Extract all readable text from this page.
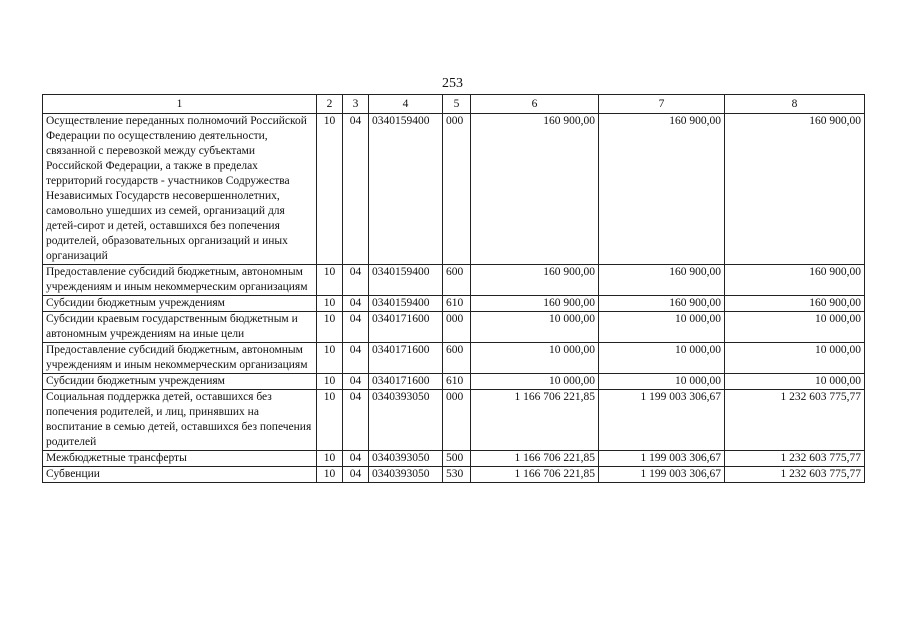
253
1	2	3	4	5	6	7	8
Осуществление переданных полномочий Российской Федерации по осуществлению деятельности, связанной с перевозкой между субъектами Российской Федерации, а также в пределах территорий государств - участников Содружества Независимых Государств несовершеннолетних, самовольно ушедших из семей, организаций для детей-сирот и детей, оставшихся без попечения родителей, образовательных организаций и иных организаций	10	04	0340159400	000	160 900,00	160 900,00	160 900,00
Предоставление субсидий бюджетным, автономным учреждениям и иным некоммерческим организациям	10	04	0340159400	600	160 900,00	160 900,00	160 900,00
Субсидии бюджетным учреждениям	10	04	0340159400	610	160 900,00	160 900,00	160 900,00
Субсидии краевым государственным бюджетным и автономным учреждениям на иные цели	10	04	0340171600	000	10 000,00	10 000,00	10 000,00
Предоставление субсидий бюджетным, автономным учреждениям и иным некоммерческим организациям	10	04	0340171600	600	10 000,00	10 000,00	10 000,00
Субсидии бюджетным учреждениям	10	04	0340171600	610	10 000,00	10 000,00	10 000,00
Социальная поддержка детей, оставшихся без попечения родителей, и лиц, принявших на воспитание в семью детей, оставшихся без попечения родителей	10	04	0340393050	000	1 166 706 221,85	1 199 003 306,67	1 232 603 775,77
Межбюджетные трансферты	10	04	0340393050	500	1 166 706 221,85	1 199 003 306,67	1 232 603 775,77
Субвенции	10	04	0340393050	530	1 166 706 221,85	1 199 003 306,67	1 232 603 775,77
